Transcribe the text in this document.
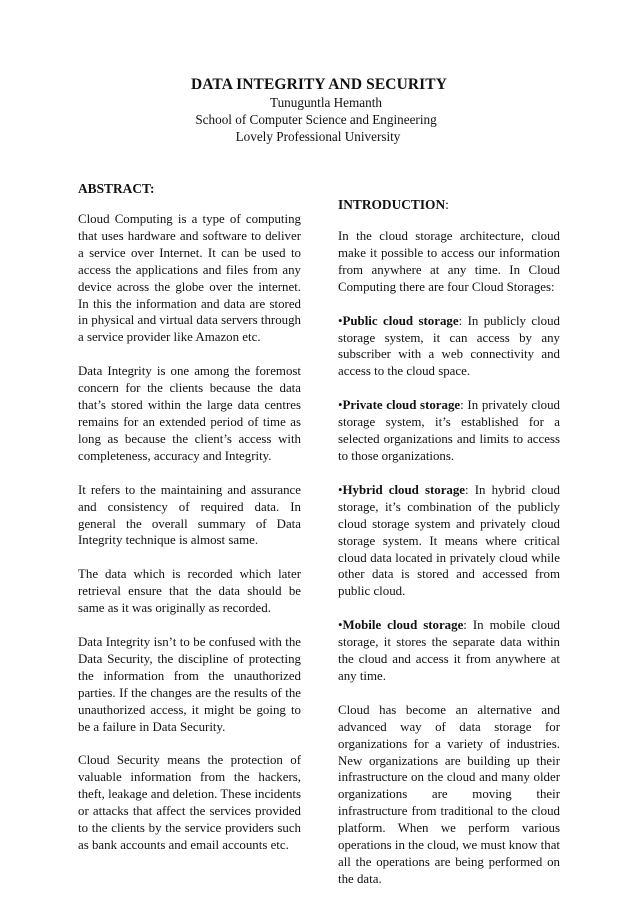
DATA INTEGRITY AND SECURITY
Tunuguntla Hemanth
School of Computer Science and Engineering
Lovely Professional University
ABSTRACT:

Cloud Computing is a type of computing that uses hardware and software to deliver a service over Internet. It can be used to access the applications and files from any device across the globe over the internet. In this the information and data are stored in physical and virtual data servers through a service provider like Amazon etc.

Data Integrity is one among the foremost concern for the clients because the data that’s stored within the large data centres remains for an extended period of time as long as because the client’s access with completeness, accuracy and Integrity.

It refers to the maintaining and assurance and consistency of required data. In general the overall summary of Data Integrity technique is almost same.

The data which is recorded which later retrieval ensure that the data should be same as it was originally as recorded.

Data Integrity isn’t to be confused with the Data Security, the discipline of protecting the information from the unauthorized parties. If the changes are the results of the unauthorized access, it might be going to be a failure in Data Security.

Cloud Security means the protection of valuable information from the hackers, theft, leakage and deletion. These incidents or attacks that affect the services provided to the clients by the service providers such as bank accounts and email accounts etc.

INTRODUCTION:

In the cloud storage architecture, cloud make it possible to access our information from anywhere at any time. In Cloud Computing there are four Cloud Storages:

•Public cloud storage: In publicly cloud storage system, it can access by any subscriber with a web connectivity and access to the cloud space.

•Private cloud storage: In privately cloud storage system, it’s established for a selected organizations and limits to access to those organizations.

•Hybrid cloud storage: In hybrid cloud storage, it’s combination of the publicly cloud storage system and privately cloud storage system. It means where critical cloud data located in privately cloud while other data is stored and accessed from public cloud.

•Mobile cloud storage: In mobile cloud storage, it stores the separate data within the cloud and access it from anywhere at any time.

Cloud has become an alternative and advanced way of data storage for organizations for a variety of industries. New organizations are building up their infrastructure on the cloud and many older organizations are moving their infrastructure from traditional to the cloud platform. When we perform various operations in the cloud, we must know that all the operations are being performed on the data.
